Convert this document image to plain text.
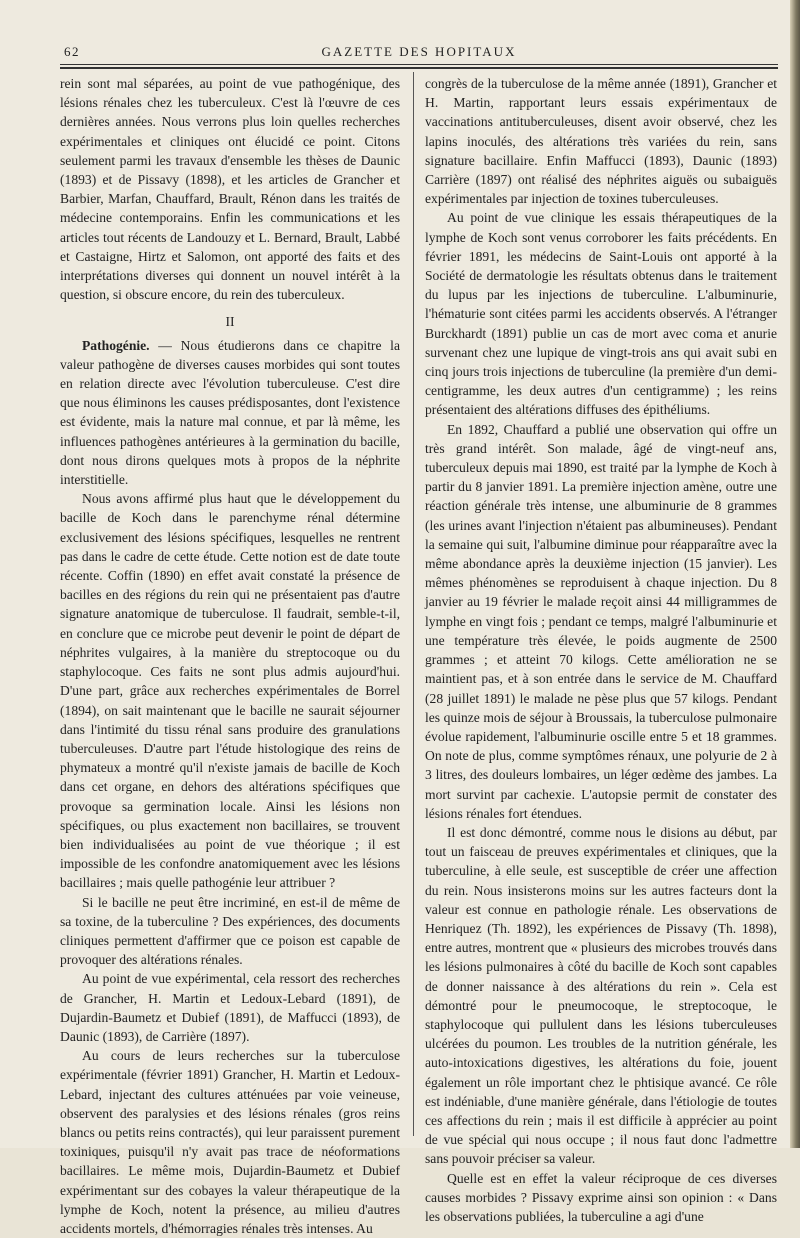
62	GAZETTE DES HOPITAUX

rein sont mal séparées, au point de vue pathogénique, des lésions rénales chez les tuberculeux. C'est là l'œuvre de ces dernières années. Nous verrons plus loin quelles recherches expérimentales et cliniques ont élucidé ce point. Citons seulement parmi les travaux d'ensemble les thèses de Daunic (1893) et de Pissavy (1898), et les articles de Grancher et Barbier, Marfan, Chauffard, Brault, Rénon dans les traités de médecine contemporains. Enfin les communications et les articles tout récents de Landouzy et L. Bernard, Brault, Labbé et Castaigne, Hirtz et Salomon, ont apporté des faits et des interprétations diverses qui donnent un nouvel intérêt à la question, si obscure encore, du rein des tuberculeux.

II

Pathogénie. — Nous étudierons dans ce chapitre la valeur pathogène de diverses causes morbides qui sont toutes en relation directe avec l'évolution tuberculeuse. C'est dire que nous éliminons les causes prédisposantes, dont l'existence est évidente, mais la nature mal connue, et par là même, les influences pathogènes antérieures à la germination du bacille, dont nous dirons quelques mots à propos de la néphrite interstitielle.

Nous avons affirmé plus haut que le développement du bacille de Koch dans le parenchyme rénal détermine exclusivement des lésions spécifiques, lesquelles ne rentrent pas dans le cadre de cette étude. Cette notion est de date toute récente. Coffin (1890) en effet avait constaté la présence de bacilles en des régions du rein qui ne présentaient pas d'autre signature anatomique de tuberculose. Il faudrait, semble-t-il, en conclure que ce microbe peut devenir le point de départ de néphrites vulgaires, à la manière du streptocoque ou du staphylocoque. Ces faits ne sont plus admis aujourd'hui. D'une part, grâce aux recherches expérimentales de Borrel (1894), on sait maintenant que le bacille ne saurait séjourner dans l'intimité du tissu rénal sans produire des granulations tuberculeuses. D'autre part l'étude histologique des reins de phymateux a montré qu'il n'existe jamais de bacille de Koch dans cet organe, en dehors des altérations spécifiques que provoque sa germination locale. Ainsi les lésions non spécifiques, ou plus exactement non bacillaires, se trouvent bien individualisées au point de vue théorique ; il est impossible de les confondre anatomiquement avec les lésions bacillaires ; mais quelle pathogénie leur attribuer ?

Si le bacille ne peut être incriminé, en est-il de même de sa toxine, de la tuberculine ? Des expériences, des documents cliniques permettent d'affirmer que ce poison est capable de provoquer des altérations rénales.

Au point de vue expérimental, cela ressort des recherches de Grancher, H. Martin et Ledoux-Lebard (1891), de Dujardin-Baumetz et Dubief (1891), de Maffucci (1893), de Daunic (1893), de Carrière (1897).

Au cours de leurs recherches sur la tuberculose expérimentale (février 1891) Grancher, H. Martin et Ledoux-Lebard, injectant des cultures atténuées par voie veineuse, observent des paralysies et des lésions rénales (gros reins blancs ou petits reins contractés), qui leur paraissent purement toxiniques, puisqu'il n'y avait pas trace de néoformations bacillaires. Le même mois, Dujardin-Baumetz et Dubief expérimentant sur des cobayes la valeur thérapeutique de la lymphe de Koch, notent la présence, au milieu d'autres accidents mortels, d'hémorragies rénales très intenses. Au

congrès de la tuberculose de la même année (1891), Grancher et H. Martin, rapportant leurs essais expérimentaux de vaccinations antituberculeuses, disent avoir observé, chez les lapins inoculés, des altérations très variées du rein, sans signature bacillaire. Enfin Maffucci (1893), Daunic (1893) Carrière (1897) ont réalisé des néphrites aiguës ou subaiguës expérimentales par injection de toxines tuberculeuses.

Au point de vue clinique les essais thérapeutiques de la lymphe de Koch sont venus corroborer les faits précédents. En février 1891, les médecins de Saint-Louis ont apporté à la Société de dermatologie les résultats obtenus dans le traitement du lupus par les injections de tuberculine. L'albuminurie, l'hématurie sont citées parmi les accidents observés. A l'étranger Burckhardt (1891) publie un cas de mort avec coma et anurie survenant chez une lupique de vingt-trois ans qui avait subi en cinq jours trois injections de tuberculine (la première d'un demi-centigramme, les deux autres d'un centigramme) ; les reins présentaient des altérations diffuses des épithéliums.

En 1892, Chauffard a publié une observation qui offre un très grand intérêt. Son malade, âgé de vingt-neuf ans, tuberculeux depuis mai 1890, est traité par la lymphe de Koch à partir du 8 janvier 1891. La première injection amène, outre une réaction générale très intense, une albuminurie de 8 grammes (les urines avant l'injection n'étaient pas albumineuses). Pendant la semaine qui suit, l'albumine diminue pour réapparaître avec la même abondance après la deuxième injection (15 janvier). Les mêmes phénomènes se reproduisent à chaque injection. Du 8 janvier au 19 février le malade reçoit ainsi 44 milligrammes de lymphe en vingt fois ; pendant ce temps, malgré l'albuminurie et une température très élevée, le poids augmente de 2500 grammes ; et atteint 70 kilogs. Cette amélioration ne se maintient pas, et à son entrée dans le service de M. Chauffard (28 juillet 1891) le malade ne pèse plus que 57 kilogs. Pendant les quinze mois de séjour à Broussais, la tuberculose pulmonaire évolue rapidement, l'albuminurie oscille entre 5 et 18 grammes. On note de plus, comme symptômes rénaux, une polyurie de 2 à 3 litres, des douleurs lombaires, un léger œdème des jambes. La mort survint par cachexie. L'autopsie permit de constater des lésions rénales fort étendues.

Il est donc démontré, comme nous le disions au début, par tout un faisceau de preuves expérimentales et cliniques, que la tuberculine, à elle seule, est susceptible de créer une affection du rein. Nous insisterons moins sur les autres facteurs dont la valeur est connue en pathologie rénale. Les observations de Henriquez (Th. 1892), les expériences de Pissavy (Th. 1898), entre autres, montrent que « plusieurs des microbes trouvés dans les lésions pulmonaires à côté du bacille de Koch sont capables de donner naissance à des altérations du rein ». Cela est démontré pour le pneumocoque, le streptocoque, le staphylocoque qui pullulent dans les lésions tuberculeuses ulcérées du poumon. Les troubles de la nutrition générale, les auto-intoxications digestives, les altérations du foie, jouent également un rôle important chez le phtisique avancé. Ce rôle est indéniable, d'une manière générale, dans l'étiologie de toutes ces affections du rein ; mais il est difficile à apprécier au point de vue spécial qui nous occupe ; il nous faut donc l'admettre sans pouvoir préciser sa valeur.

Quelle est en effet la valeur réciproque de ces diverses causes morbides ? Pissavy exprime ainsi son opinion : « Dans les observations publiées, la tuberculine a agi d'une
